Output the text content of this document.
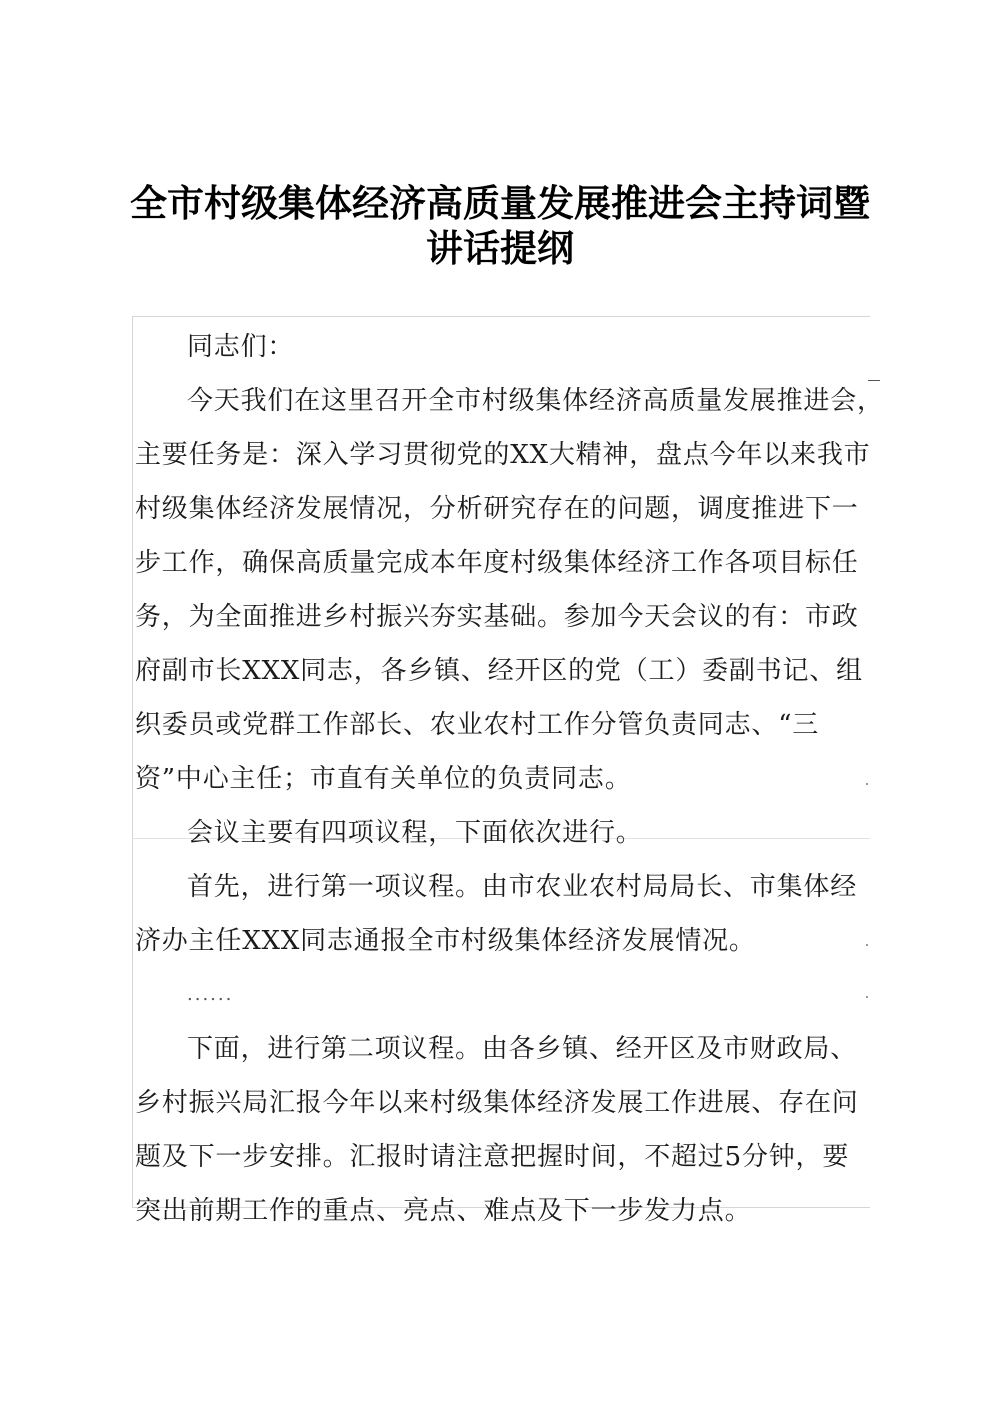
全市村级集体经济高质量发展推进会主持词暨
讲话提纲
同志们：
今天我们在这里召开全市村级集体经济高质量发展推进会，
主要任务是：深入学习贯彻党的XX大精神，盘点今年以来我市
村级集体经济发展情况，分析研究存在的问题，调度推进下一
步工作，确保高质量完成本年度村级集体经济工作各项目标任
务，为全面推进乡村振兴夯实基础。参加今天会议的有：市政
府副市长XXX同志，各乡镇、经开区的党（工）委副书记、组
织委员或党群工作部长、农业农村工作分管负责同志、“三
资”中心主任；市直有关单位的负责同志。
会议主要有四项议程，下面依次进行。
首先，进行第一项议程。由市农业农村局局长、市集体经
济办主任XXX同志通报全市村级集体经济发展情况。
......
下面，进行第二项议程。由各乡镇、经开区及市财政局、
乡村振兴局汇报今年以来村级集体经济发展工作进展、存在问
题及下一步安排。汇报时请注意把握时间，不超过5分钟，要
突出前期工作的重点、亮点、难点及下一步发力点。
